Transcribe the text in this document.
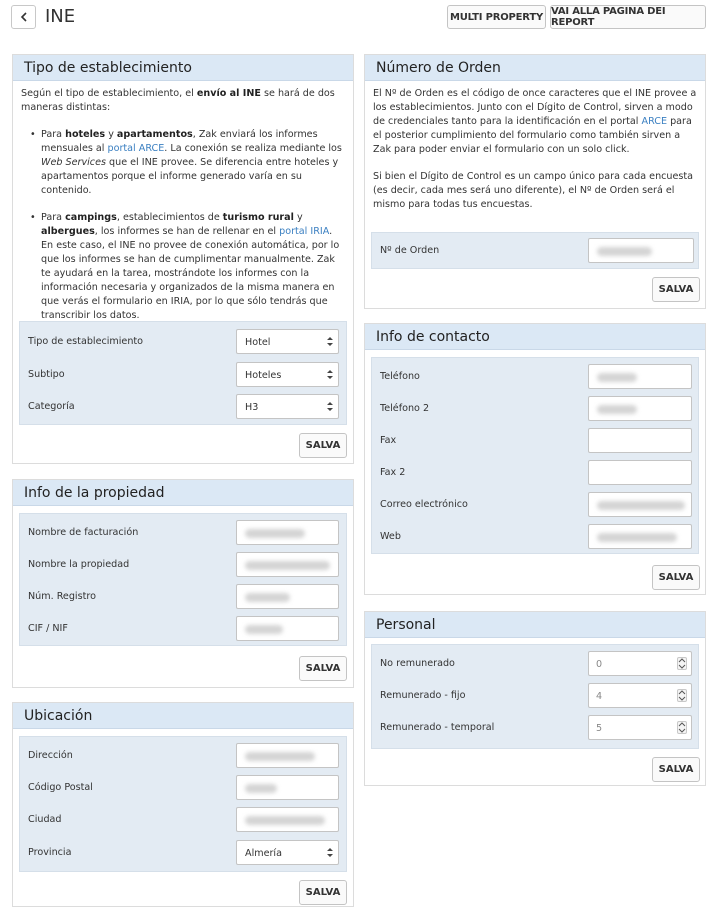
INE	MULTI PROPERTY VAI ALLA PAGINA DEI REPORT
Tipo de establecimiento
Según el tipo de establecimiento, el envío al INE se hará de dos maneras distintas:
• Para hoteles y apartamentos, Zak enviará los informes mensuales al portal ARCE. La conexión se realiza mediante los Web Services que el INE provee. Se diferencia entre hoteles y apartamentos porque el informe generado varía en su contenido.
• Para campings, establecimientos de turismo rural y albergues, los informes se han de rellenar en el portal IRIA. En este caso, el INE no provee de conexión automática, por lo que los informes se han de cumplimentar manualmente. Zak te ayudará en la tarea, mostrándote los informes con la información necesaria y organizados de la misma manera en que verás el formulario en IRIA, por lo que sólo tendrás que transcribir los datos.
Tipo de establecimiento	Hotel
Subtipo	Hoteles
Categoría	H3
SALVA
Info de la propiedad
Nombre de facturación
Nombre la propiedad
Núm. Registro
CIF / NIF
SALVA
Ubicación
Dirección
Código Postal
Ciudad
Provincia	Almería
SALVA
Número de Orden
El Nº de Orden es el código de once caracteres que el INE provee a los establecimientos. Junto con el Dígito de Control, sirven a modo de credenciales tanto para la identificación en el portal ARCE para el posterior cumplimiento del formulario como también sirven a Zak para poder enviar el formulario con un solo click.
Si bien el Dígito de Control es un campo único para cada encuesta (es decir, cada mes será uno diferente), el Nº de Orden será el mismo para todas tus encuestas.
Nº de Orden
SALVA
Info de contacto
Teléfono
Teléfono 2
Fax
Fax 2
Correo electrónico
Web
SALVA
Personal
No remunerado	0
Remunerado - fijo	4
Remunerado - temporal	5
SALVA
